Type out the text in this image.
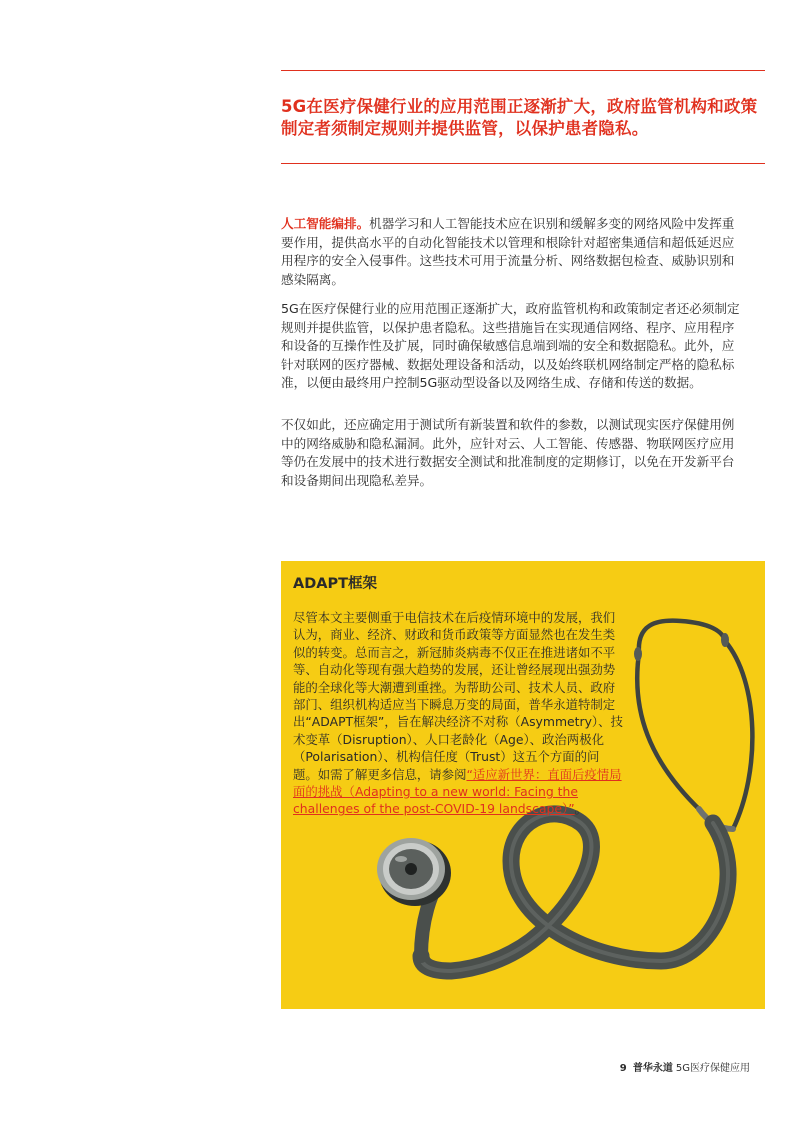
5G在医疗保健行业的应用范围正逐渐扩大，政府监管机构和政策制定者须制定规则并提供监管，以保护患者隐私。
人工智能编排。机器学习和人工智能技术应在识别和缓解多变的网络风险中发挥重要作用，提供高水平的自动化智能技术以管理和根除针对超密集通信和超低延迟应用程序的安全入侵事件。这些技术可用于流量分析、网络数据包检查、威胁识别和感染隔离。
5G在医疗保健行业的应用范围正逐渐扩大，政府监管机构和政策制定者还必须制定规则并提供监管，以保护患者隐私。这些措施旨在实现通信网络、程序、应用程序和设备的互操作性及扩展，同时确保敏感信息端到端的安全和数据隐私。此外，应针对联网的医疗器械、数据处理设备和活动，以及始终联机网络制定严格的隐私标准，以便由最终用户控制5G驱动型设备以及网络生成、存储和传送的数据。
不仅如此，还应确定用于测试所有新装置和软件的参数，以测试现实医疗保健用例中的网络威胁和隐私漏洞。此外，应针对云、人工智能、传感器、物联网医疗应用等仍在发展中的技术进行数据安全测试和批准制度的定期修订，以免在开发新平台和设备期间出现隐私差异。
ADAPT框架
尽管本文主要侧重于电信技术在后疫情环境中的发展，我们认为，商业、经济、财政和货币政策等方面显然也在发生类似的转变。总而言之，新冠肺炎病毒不仅正在推进诸如不平等、自动化等现有强大趋势的发展，还让曾经展现出强劲势能的全球化等大潮遭到重挫。为帮助公司、技术人员、政府部门、组织机构适应当下瞬息万变的局面，普华永道特制定出“ADAPT框架”，旨在解决经济不对称（Asymmetry）、技术变革（Disruption）、人口老龄化（Age）、政治两极化（Polarisation）、机构信任度（Trust）这五个方面的问题。如需了解更多信息，请参阅“适应新世界：直面后疫情局面的挑战（Adapting to a new world: Facing the challenges of the post-COVID-19 landscape）”。
9 普华永道 5G医疗保健应用
